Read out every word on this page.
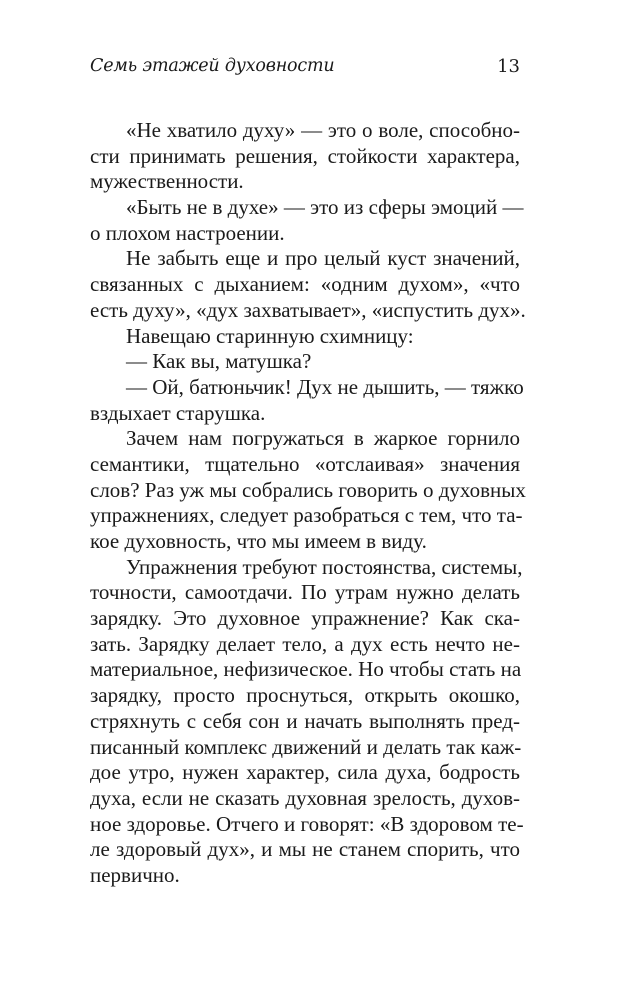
Семь этажей духовности	13
«Не хватило духу» — это о воле, способно-
сти принимать решения, стойкости характера,
мужественности.
«Быть не в духе» — это из сферы эмоций —
о плохом настроении.
Не забыть еще и про целый куст значений,
связанных с дыханием: «одним духом», «что
есть духу», «дух захватывает», «испустить дух».
Навещаю старинную схимницу:
— Как вы, матушка?
— Ой, батюньчик! Дух не дышить, — тяжко
вздыхает старушка.
Зачем нам погружаться в жаркое горнило
семантики, тщательно «отслаивая» значения
слов? Раз уж мы собрались говорить о духовных
упражнениях, следует разобраться с тем, что та-
кое духовность, что мы имеем в виду.
Упражнения требуют постоянства, системы,
точности, самоотдачи. По утрам нужно делать
зарядку. Это духовное упражнение? Как ска-
зать. Зарядку делает тело, а дух есть нечто не-
материальное, нефизическое. Но чтобы стать на
зарядку, просто проснуться, открыть окошко,
стряхнуть с себя сон и начать выполнять пред-
писанный комплекс движений и делать так каж-
дое утро, нужен характер, сила духа, бодрость
духа, если не сказать духовная зрелость, духов-
ное здоровье. Отчего и говорят: «В здоровом те-
ле здоровый дух», и мы не станем спорить, что
первично.
